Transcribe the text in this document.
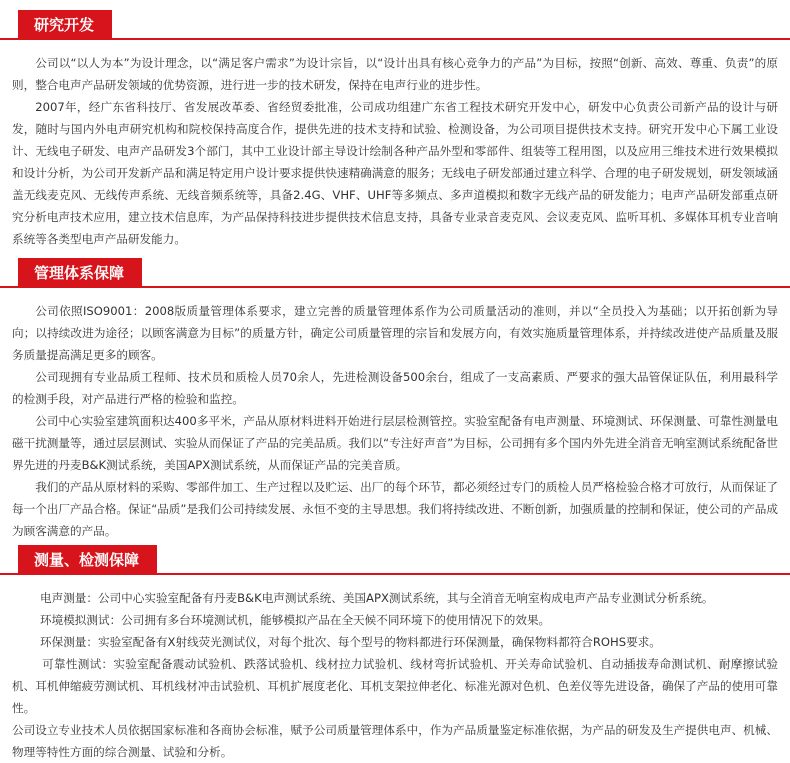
研究开发

公司以“以人为本”为设计理念，以“满足客户需求”为设计宗旨，以“设计出具有核心竞争力的产品”为目标，按照“创新、高效、尊重、负责”的原则，整合电声产品研发领域的优势资源，进行进一步的技术研发，保持在电声行业的进步性。

2007年，经广东省科技厅、省发展改革委、省经贸委批准，公司成功组建广东省工程技术研究开发中心，研发中心负责公司新产品的设计与研发，随时与国内外电声研究机构和院校保持高度合作，提供先进的技术支持和试验、检测设备，为公司项目提供技术支持。研究开发中心下属工业设计、无线电子研发、电声产品研发3个部门，其中工业设计部主导设计绘制各种产品外型和零部件、组装等工程用图，以及应用三维技术进行效果模拟和设计分析，为公司开发新产品和满足特定用户设计要求提供快速精确满意的服务；无线电子研发部通过建立科学、合理的电子研发规划，研发领域涵盖无线麦克风、无线传声系统、无线音频系统等，具备2.4G、VHF、UHF等多频点、多声道模拟和数字无线产品的研发能力；电声产品研发部重点研究分析电声技术应用，建立技术信息库，为产品保持科技进步提供技术信息支持，具备专业录音麦克风、会议麦克风、监听耳机、多媒体耳机专业音响系统等各类型电声产品研发能力。

管理体系保障

公司依照ISO9001：2008版质量管理体系要求，建立完善的质量管理体系作为公司质量活动的准则，并以“全员投入为基础；以开拓创新为导向；以持续改进为途径；以顾客满意为目标”的质量方针，确定公司质量管理的宗旨和发展方向，有效实施质量管理体系，并持续改进使产品质量及服务质量提高满足更多的顾客。

公司现拥有专业品质工程师、技术员和质检人员70余人，先进检测设备500余台，组成了一支高素质、严要求的强大品管保证队伍，利用最科学的检测手段，对产品进行严格的检验和监控。

公司中心实验室建筑面积达400多平米，产品从原材料进料开始进行层层检测管控。实验室配备有电声测量、环境测试、环保测量、可靠性测量电磁干扰测量等，通过层层测试、实验从而保证了产品的完美品质。我们以“专注好声音”为目标，公司拥有多个国内外先进全消音无响室测试系统配备世界先进的丹麦B&K测试系统，美国APX测试系统，从而保证产品的完美音质。

我们的产品从原材料的采购、零部件加工、生产过程以及贮运、出厂的每个环节，都必须经过专门的质检人员严格检验合格才可放行，从而保证了每一个出厂产品合格。保证“品质”是我们公司持续发展、永恒不变的主导思想。我们将持续改进、不断创新，加强质量的控制和保证，使公司的产品成为顾客满意的产品。

测量、检测保障

电声测量：公司中心实验室配备有丹麦B&K电声测试系统、美国APX测试系统，其与全消音无响室构成电声产品专业测试分析系统。

环境模拟测试：公司拥有多台环境测试机，能够模拟产品在全天候不同环境下的使用情况下的效果。

环保测量：实验室配备有X射线荧光测试仪，对每个批次、每个型号的物料都进行环保测量，确保物料都符合ROHS要求。

可靠性测试：实验室配备震动试验机、跌落试验机、线材拉力试验机、线材弯折试验机、开关寿命试验机、自动插拔寿命测试机、耐摩擦试验机、耳机伸缩疲劳测试机、耳机线材冲击试验机、耳机扩展度老化、耳机支架拉伸老化、标准光源对色机、色差仪等先进设备，确保了产品的使用可靠性。

公司设立专业技术人员依据国家标准和各商协会标准，赋予公司质量管理体系中，作为产品质量鉴定标准依据，为产品的研发及生产提供电声、机械、物理等特性方面的综合测量、试验和分析。
